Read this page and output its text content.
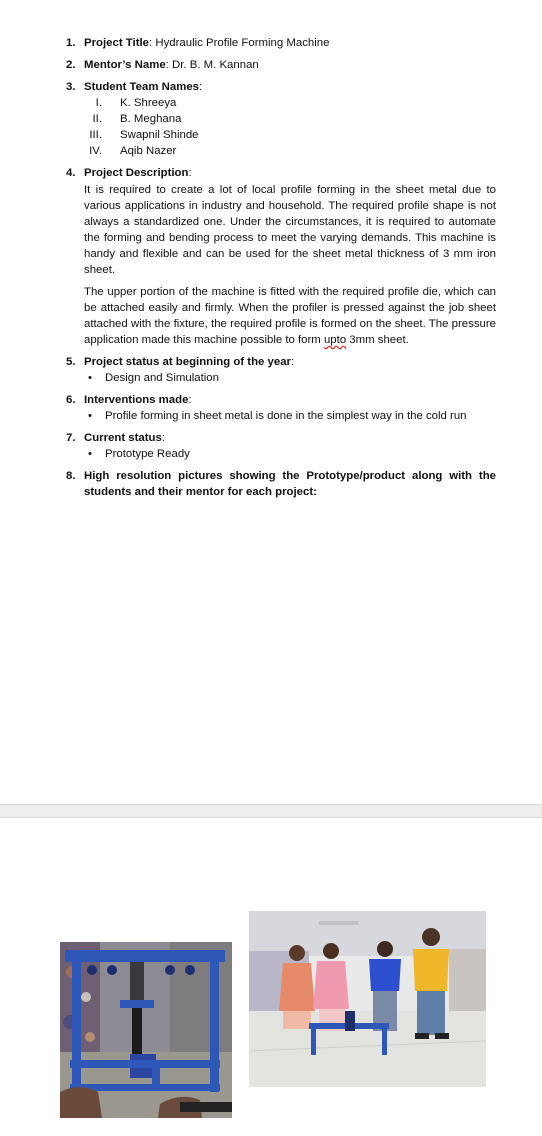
1. Project Title: Hydraulic Profile Forming Machine
2. Mentor’s Name: Dr. B. M. Kannan
3. Student Team Names:
I. K. Shreeya
II. B. Meghana
III. Swapnil Shinde
IV. Aqib Nazer
4. Project Description:
It is required to create a lot of local profile forming in the sheet metal due to various applications in industry and household. The required profile shape is not always a standardized one. Under the circumstances, it is required to automate the forming and bending process to meet the varying demands. This machine is handy and flexible and can be used for the sheet metal thickness of 3 mm iron sheet.
The upper portion of the machine is fitted with the required profile die, which can be attached easily and firmly. When the profiler is pressed against the job sheet attached with the fixture, the required profile is formed on the sheet. The pressure application made this machine possible to form upto 3mm sheet.
5. Project status at beginning of the year:
• Design and Simulation
6. Interventions made:
• Profile forming in sheet metal is done in the simplest way in the cold run
7. Current status:
• Prototype Ready
8. High resolution pictures showing the Prototype/product along with the students and their mentor for each project:
